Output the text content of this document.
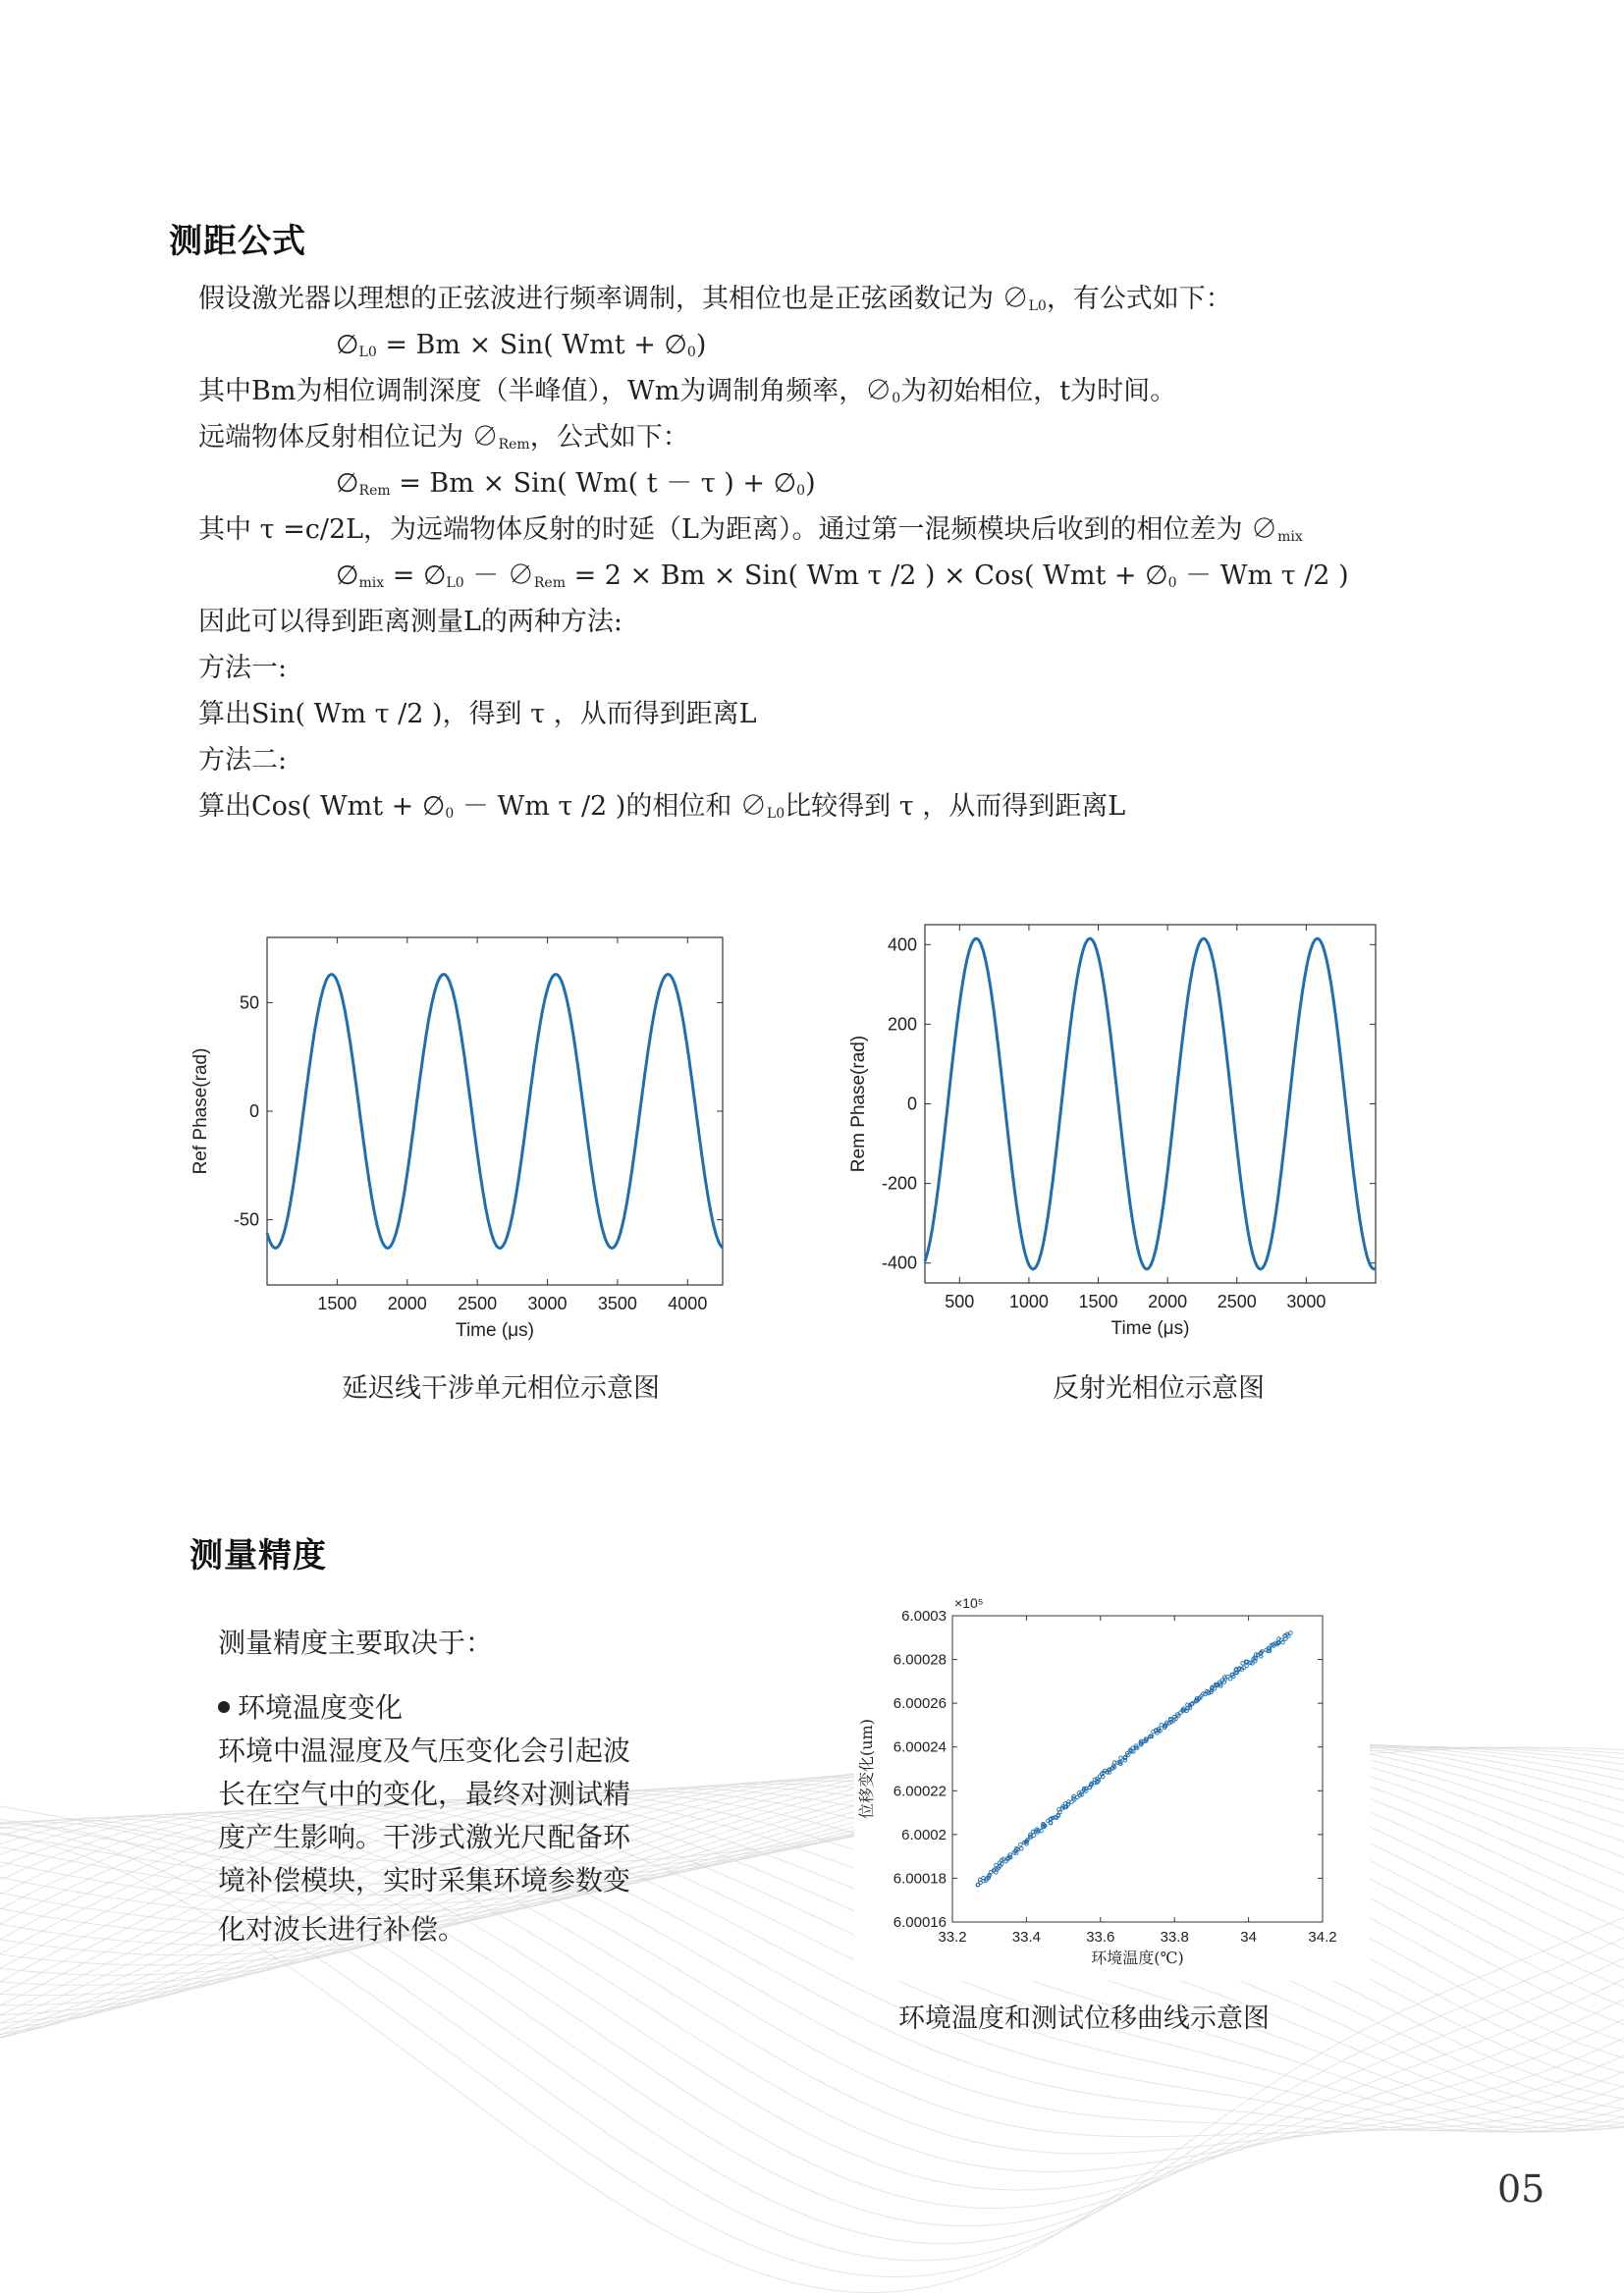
测距公式
假设激光器以理想的正弦波进行频率调制，其相位也是正弦函数记为 $\emptyset_{L0}$，有公式如下：
$\emptyset_{L0} = Bm \times Sin$( Wmt + $\emptyset_0$)
其中Bm为相位调制深度（半峰值），Wm为调制角频率，$\emptyset_0$为初始相位，t为时间。
远端物体反射相位记为 $\emptyset_{Rem}$，公式如下：
$\emptyset_{Rem} = Bm \times Sin$( Wm( t － τ ) + $\emptyset_0$)
其中 τ =c/2L，为远端物体反射的时延（L为距离）。通过第一混频模块后收到的相位差为 $\emptyset_{mix}$
$\emptyset_{mix}$ = $\emptyset_{L0}$ － $\emptyset_{Rem} = 2 \times Bm \times Sin$( Wm τ /2 ) × Cos( Wmt + $\emptyset_0 - Wm$ τ /2 )
因此可以得到距离测量L的两种方法:
方法一:
算出Sin( Wm τ /2 )，得到 τ ，从而得到距离L
方法二:
算出Cos( Wmt + $\emptyset_0 - Wm$ τ /2 )的相位和 $\emptyset_{L0}$比较得到 τ ，从而得到距离L
1500 2000 2500 3000 3500 4000
-50
0
50
Time (μs)
Ref Phase(rad)
延迟线干涉单元相位示意图
500 1000 1500 2000 2500 3000
-400
-200
0
200
400
Time (μs)
Rem Phase(rad)
反射光相位示意图
测量精度
测量精度主要取决于：
环境温度变化
环境中温湿度及气压变化会引起波
长在空气中的变化，最终对测试精
度产生影响。干涉式激光尺配备环
境补偿模块，实时采集环境参数变
化对波长进行补偿。	33.2	33.4	33.6	33.8	34	34.2
6.00016
6.00018
6.0002
6.00022
6.00024
6.00026
6.00028
6.0003
×10⁵
环境温度(℃)
位移变化(um)
环境温度和测试位移曲线示意图
05
